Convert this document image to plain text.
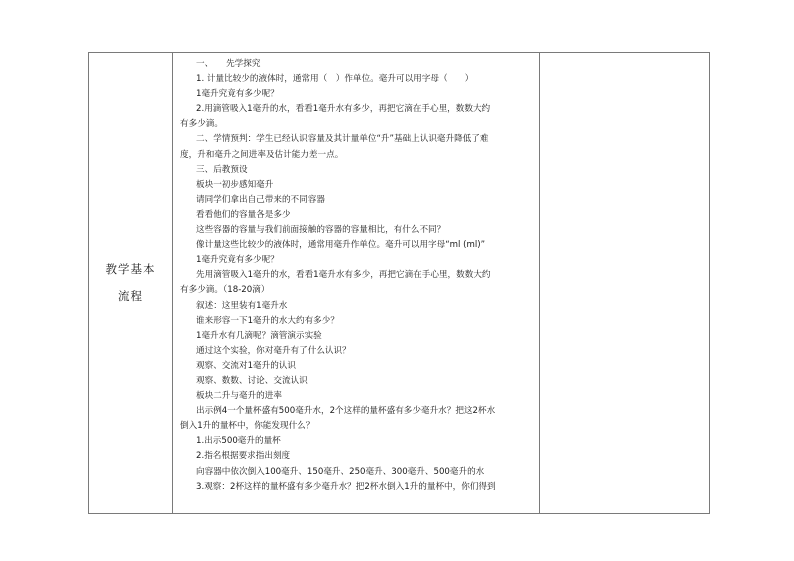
教学基本
流程

一、　　先学探究
1. 计量比较少的液体时，通常用（　）作单位。毫升可以用字母（　　）
1毫升究竟有多少呢？
2.用滴管吸入1毫升的水，看看1毫升水有多少，再把它滴在手心里，数数大约
有多少滴。
二、学情预判：学生已经认识容量及其计量单位“升”基础上认识毫升降低了难
度，升和毫升之间进率及估计能力差一点。
三、后教预设
板块一初步感知毫升
请同学们拿出自己带来的不同容器
看看他们的容量各是多少
这些容器的容量与我们前面接触的容器的容量相比，有什么不同？
像计量这些比较少的液体时，通常用毫升作单位。毫升可以用字母“ml (ml)”
1毫升究竟有多少呢？
先用滴管吸入1毫升的水，看看1毫升水有多少，再把它滴在手心里，数数大约
有多少滴。（18-20滴）
叙述：这里装有1毫升水
谁来形容一下1毫升的水大约有多少？
1毫升水有几滴呢？滴管演示实验
通过这个实验，你对毫升有了什么认识？
观察、交流对1毫升的认识
观察、数数、讨论、交流认识
板块二升与毫升的进率
出示例4一个量杯盛有500毫升水，2个这样的量杯盛有多少毫升水？把这2杯水
倒入1升的量杯中，你能发现什么？
1.出示500毫升的量杯
2.指名根据要求指出刻度
向容器中依次倒入100毫升、150毫升、250毫升、300毫升、500毫升的水
3.观察：2杯这样的量杯盛有多少毫升水？把2杯水倒入1升的量杯中，你们得到
